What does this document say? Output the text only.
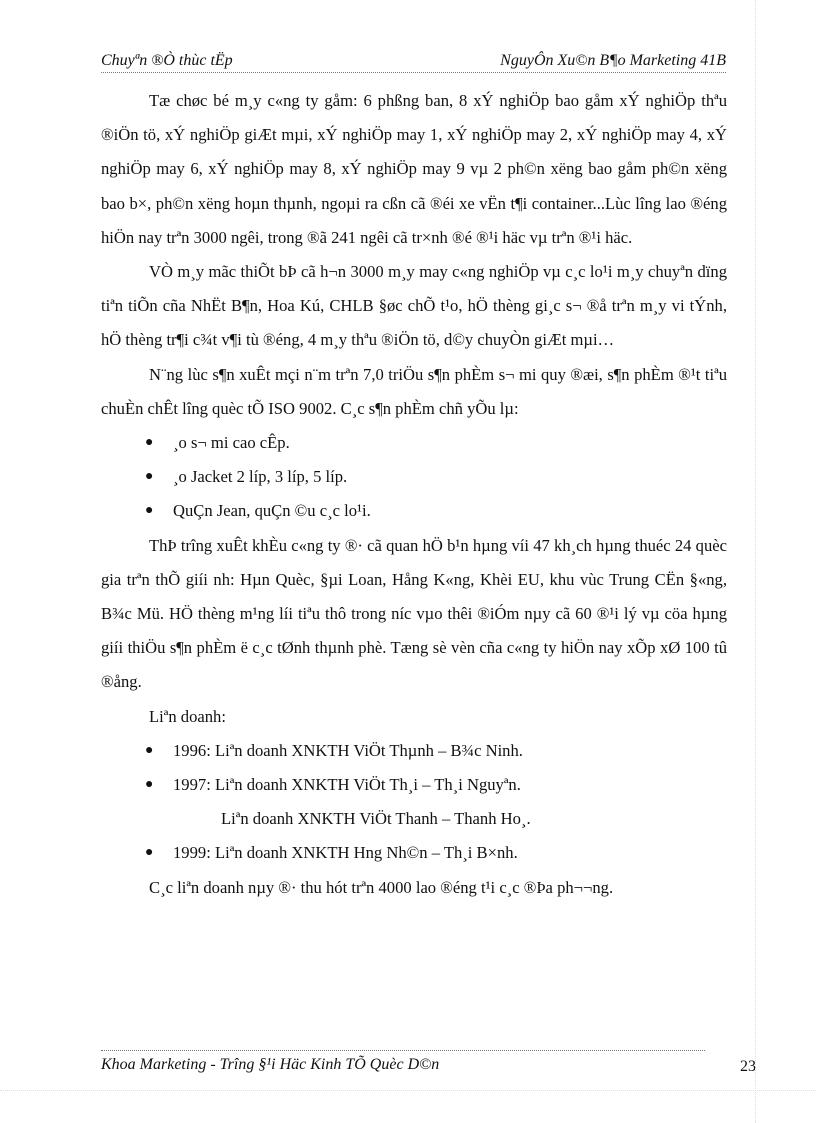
Chuyªn ®Ò thùc tËp	NguyÔn Xu©n B¶o Marketing 41B

Tæ chøc bé m¸y c«ng ty gåm: 6 phßng ban, 8 xÝ nghiÖp bao gåm xÝ nghiÖp thªu ®iÖn tö, xÝ nghiÖp giÆt mµi, xÝ nghiÖp may 1, xÝ nghiÖp may 2, xÝ nghiÖp may 4, xÝ nghiÖp may 6, xÝ nghiÖp may 8, xÝ nghiÖp may 9 vµ 2 ph©n xëng bao gåm ph©n xëng bao b×, ph©n xëng hoµn thµnh, ngoµi ra cßn cã ®éi xe vËn t¶i container...Lùc lîng lao ®éng hiÖn nay trªn 3000 ngêi, trong ®ã 241 ngêi cã tr×nh ®é ®¹i häc vµ trªn ®¹i häc.

VÒ m¸y mãc thiÕt bÞ cã h¬n 3000 m¸y may c«ng nghiÖp vµ c¸c lo¹i m¸y chuyªn dïng tiªn tiÕn cña NhËt B¶n, Hoa Kú, CHLB §øc chÕ t¹o, hÖ thèng gi¸c s¬ ®å trªn m¸y vi tÝnh, hÖ thèng tr¶i c¾t v¶i tù ®éng, 4 m¸y thªu ®iÖn tö, d©y chuyÒn giÆt mµi…

N¨ng lùc s¶n xuÊt mçi n¨m trªn 7,0 triÖu s¶n phÈm s¬ mi quy ®æi, s¶n phÈm ®¹t tiªu chuÈn chÊt lîng quèc tÕ ISO 9002. C¸c s¶n phÈm chñ yÕu lµ:

● ¸o s¬ mi cao cÊp.
● ¸o Jacket 2 líp, 3 líp, 5 líp.
● QuÇn Jean, quÇn ©u c¸c lo¹i.

ThÞ trîng xuÊt khÈu c«ng ty ®· cã quan hÖ b¹n hµng víi 47 kh¸ch hµng thuéc 24 quèc gia trªn thÕ giíi nh: Hµn Quèc, §µi Loan, Hång K«ng, Khèi EU, khu vùc Trung CËn §«ng, B¾c Mü. HÖ thèng m¹ng líi tiªu thô trong níc vµo thêi ®iÓm nµy cã 60 ®¹i lý vµ cöa hµng giíi thiÖu s¶n phÈm ë c¸c tØnh thµnh phè. Tæng sè vèn cña c«ng ty hiÖn nay xÕp xØ 100 tû ®ång.

Liªn doanh:
● 1996: Liªn doanh XNKTH ViÖt Thµnh – B¾c Ninh.
● 1997: Liªn doanh XNKTH ViÖt Th¸i – Th¸i Nguyªn.
Liªn doanh XNKTH ViÖt Thanh – Thanh Ho¸.
● 1999: Liªn doanh XNKTH Hng Nh©n – Th¸i B×nh.
C¸c liªn doanh nµy ®· thu hót trªn 4000 lao ®éng t¹i c¸c ®Þa ph¬¬ng.
Khoa Marketing - Trîng §¹i Häc Kinh TÕ Quèc D©n	23
